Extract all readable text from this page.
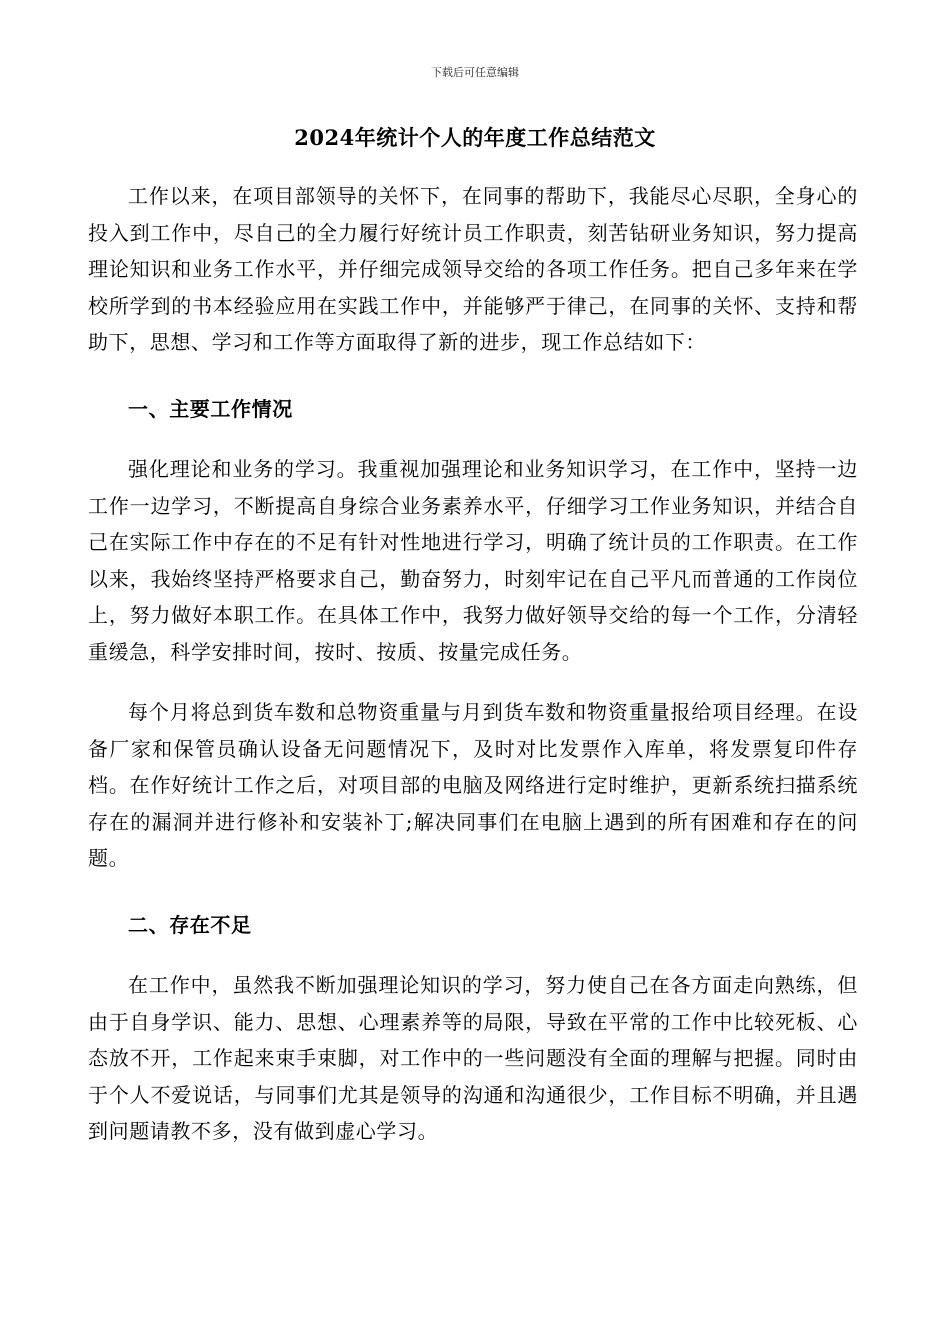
下载后可任意编辑
2024年统计个人的年度工作总结范文

工作以来，在项目部领导的关怀下，在同事的帮助下，我能尽心尽职，全身心的投入到工作中，尽自己的全力履行好统计员工作职责，刻苦钻研业务知识，努力提高理论知识和业务工作水平，并仔细完成领导交给的各项工作任务。把自己多年来在学校所学到的书本经验应用在实践工作中，并能够严于律己，在同事的关怀、支持和帮助下，思想、学习和工作等方面取得了新的进步，现工作总结如下：

一、主要工作情况

强化理论和业务的学习。我重视加强理论和业务知识学习，在工作中，坚持一边工作一边学习，不断提高自身综合业务素养水平，仔细学习工作业务知识，并结合自己在实际工作中存在的不足有针对性地进行学习，明确了统计员的工作职责。在工作以来，我始终坚持严格要求自己，勤奋努力，时刻牢记在自己平凡而普通的工作岗位上，努力做好本职工作。在具体工作中，我努力做好领导交给的每一个工作，分清轻重缓急，科学安排时间，按时、按质、按量完成任务。

每个月将总到货车数和总物资重量与月到货车数和物资重量报给项目经理。在设备厂家和保管员确认设备无问题情况下，及时对比发票作入库单，将发票复印件存档。在作好统计工作之后，对项目部的电脑及网络进行定时维护，更新系统扫描系统存在的漏洞并进行修补和安装补丁;解决同事们在电脑上遇到的所有困难和存在的问题。

二、存在不足

在工作中，虽然我不断加强理论知识的学习，努力使自己在各方面走向熟练，但由于自身学识、能力、思想、心理素养等的局限，导致在平常的工作中比较死板、心态放不开，工作起来束手束脚，对工作中的一些问题没有全面的理解与把握。同时由于个人不爱说话，与同事们尤其是领导的沟通和沟通很少，工作目标不明确，并且遇到问题请教不多，没有做到虚心学习。
